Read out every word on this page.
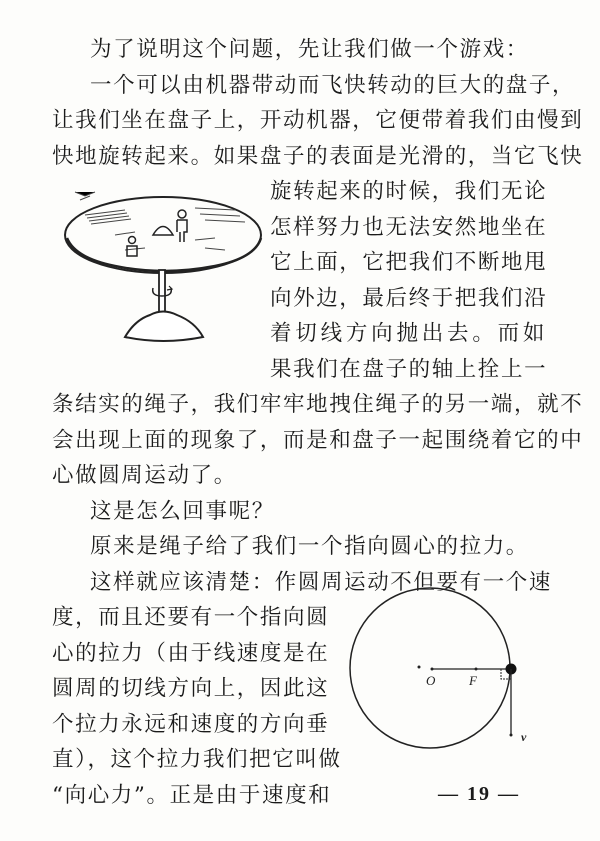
为了说明这个问题，先让我们做一个游戏：
一个可以由机器带动而飞快转动的巨大的盘子，
让我们坐在盘子上，开动机器，它便带着我们由慢到
快地旋转起来。如果盘子的表面是光滑的，当它飞快
旋转起来的时候，我们无论
怎样努力也无法安然地坐在
它上面，它把我们不断地甩
向外边，最后终于把我们沿
着切线方向抛出去。而如
果我们在盘子的轴上拴上一
条结实的绳子，我们牢牢地拽住绳子的另一端，就不
会出现上面的现象了，而是和盘子一起围绕着它的中
心做圆周运动了。
这是怎么回事呢？
原来是绳子给了我们一个指向圆心的拉力。
这样就应该清楚：作圆周运动不但要有一个速
度，而且还要有一个指向圆
心的拉力（由于线速度是在
圆周的切线方向上，因此这
个拉力永远和速度的方向垂
直），这个拉力我们把它叫做
“向心力”。正是由于速度和
O	F
v
— 19 —
